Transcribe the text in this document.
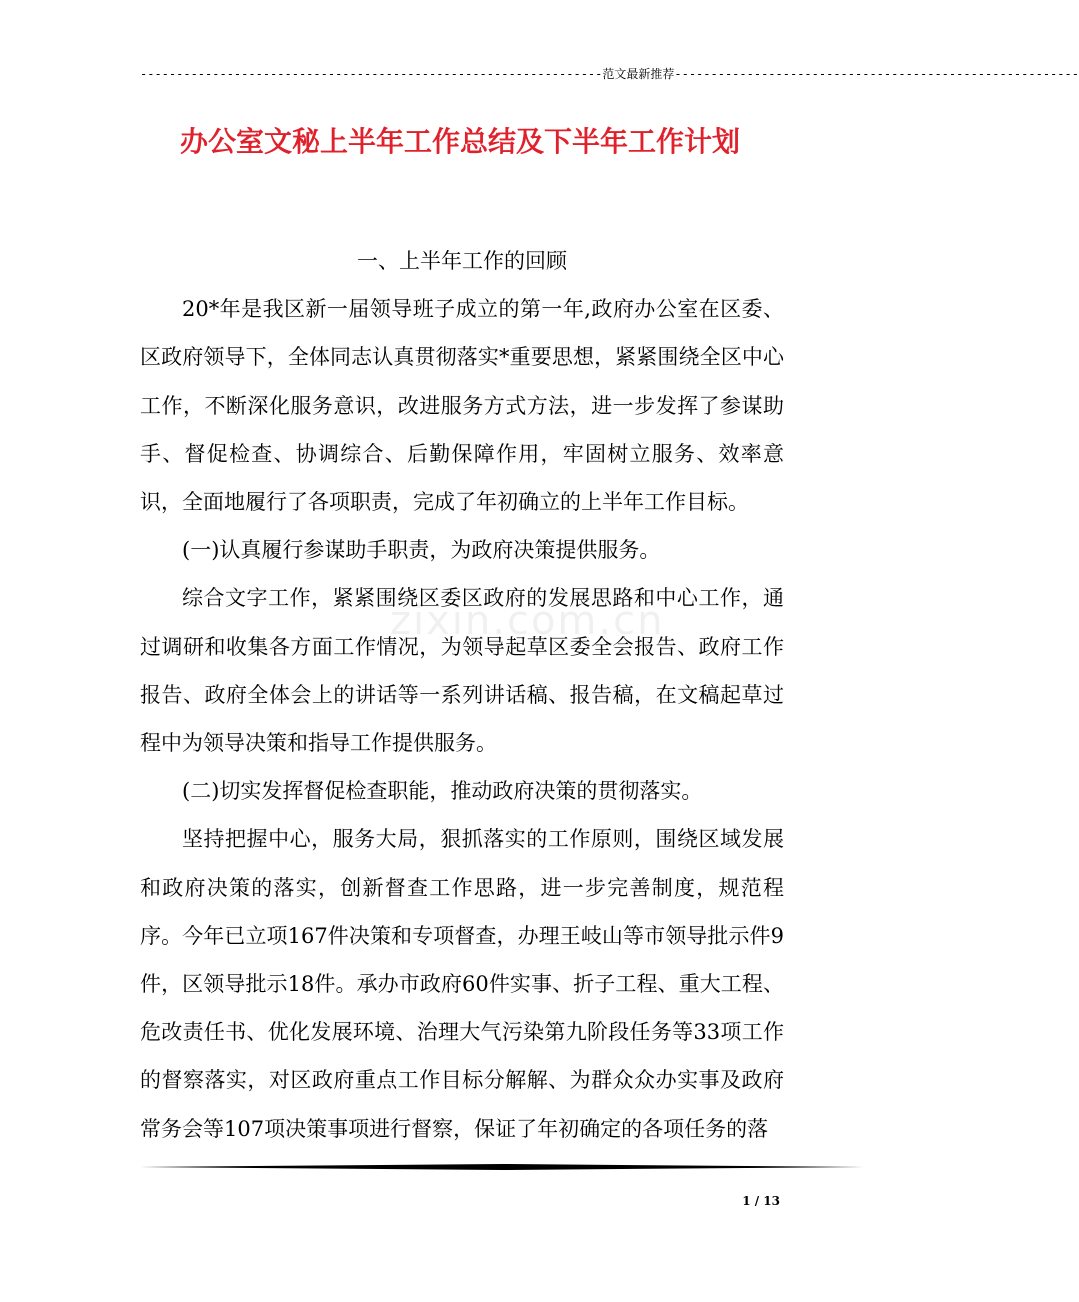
----------------------------------------------------------------范文最新推荐--------------------------------------------------------
办公室文秘上半年工作总结及下半年工作计划
zixin.com.cn

一、上半年工作的回顾

20*年是我区新一届领导班子成立的第一年,政府办公室在区委、区政府领导下，全体同志认真贯彻落实*重要思想，紧紧围绕全区中心工作，不断深化服务意识，改进服务方式方法，进一步发挥了参谋助手、督促检查、协调综合、后勤保障作用，牢固树立服务、效率意识，全面地履行了各项职责，完成了年初确立的上半年工作目标。

(一)认真履行参谋助手职责，为政府决策提供服务。

综合文字工作，紧紧围绕区委区政府的发展思路和中心工作，通过调研和收集各方面工作情况，为领导起草区委全会报告、政府工作报告、政府全体会上的讲话等一系列讲话稿、报告稿，在文稿起草过程中为领导决策和指导工作提供服务。

(二)切实发挥督促检查职能，推动政府决策的贯彻落实。

坚持把握中心，服务大局，狠抓落实的工作原则，围绕区域发展和政府决策的落实，创新督查工作思路，进一步完善制度，规范程序。今年已立项167件决策和专项督查，办理王岐山等市领导批示件9件，区领导批示18件。承办市政府60件实事、折子工程、重大工程、危改责任书、优化发展环境、治理大气污染第九阶段任务等33项工作的督察落实，对区政府重点工作目标分解解、为群众众办实事及政府常务会等107项决策事项进行督察，保证了年初确定的各项任务的落

1 / 13
